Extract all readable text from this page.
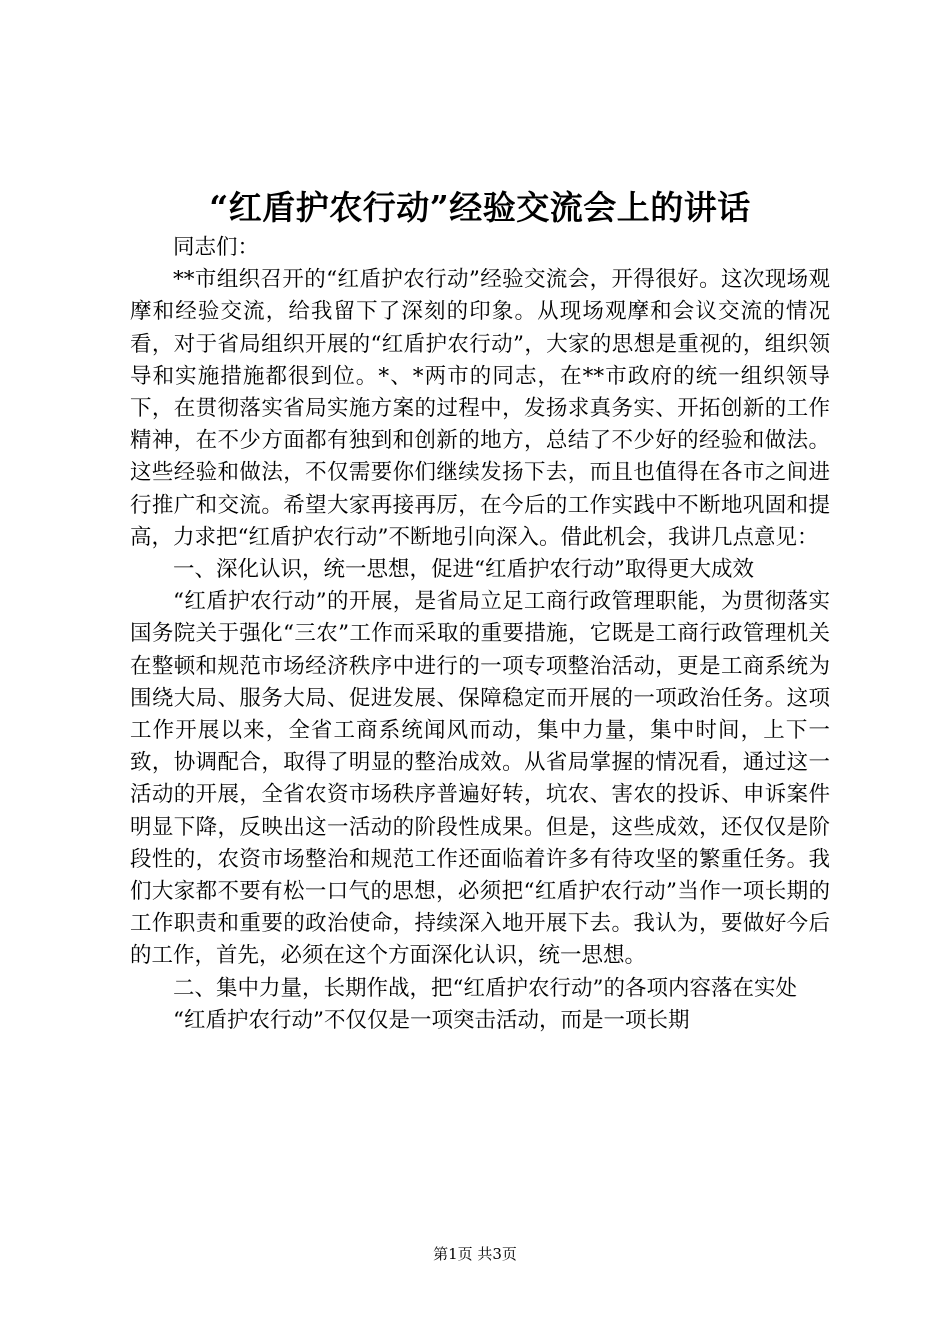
“红盾护农行动”经验交流会上的讲话

同志们：

**市组织召开的“红盾护农行动”经验交流会，开得很好。这次现场观摩和经验交流，给我留下了深刻的印象。从现场观摩和会议交流的情况看，对于省局组织开展的“红盾护农行动”，大家的思想是重视的，组织领导和实施措施都很到位。*、*两市的同志，在**市政府的统一组织领导下，在贯彻落实省局实施方案的过程中，发扬求真务实、开拓创新的工作精神，在不少方面都有独到和创新的地方，总结了不少好的经验和做法。这些经验和做法，不仅需要你们继续发扬下去，而且也值得在各市之间进行推广和交流。希望大家再接再厉，在今后的工作实践中不断地巩固和提高，力求把“红盾护农行动”不断地引向深入。借此机会，我讲几点意见：

一、深化认识，统一思想，促进“红盾护农行动”取得更大成效

“红盾护农行动”的开展，是省局立足工商行政管理职能，为贯彻落实国务院关于强化“三农”工作而采取的重要措施，它既是工商行政管理机关在整顿和规范市场经济秩序中进行的一项专项整治活动，更是工商系统为围绕大局、服务大局、促进发展、保障稳定而开展的一项政治任务。这项工作开展以来，全省工商系统闻风而动，集中力量，集中时间，上下一致，协调配合，取得了明显的整治成效。从省局掌握的情况看，通过这一活动的开展，全省农资市场秩序普遍好转，坑农、害农的投诉、申诉案件明显下降，反映出这一活动的阶段性成果。但是，这些成效，还仅仅是阶段性的，农资市场整治和规范工作还面临着许多有待攻坚的繁重任务。我们大家都不要有松一口气的思想，必须把“红盾护农行动”当作一项长期的工作职责和重要的政治使命，持续深入地开展下去。我认为，要做好今后的工作，首先，必须在这个方面深化认识，统一思想。

二、集中力量，长期作战，把“红盾护农行动”的各项内容落在实处

“红盾护农行动”不仅仅是一项突击活动，而是一项长期

第1页 共3页
